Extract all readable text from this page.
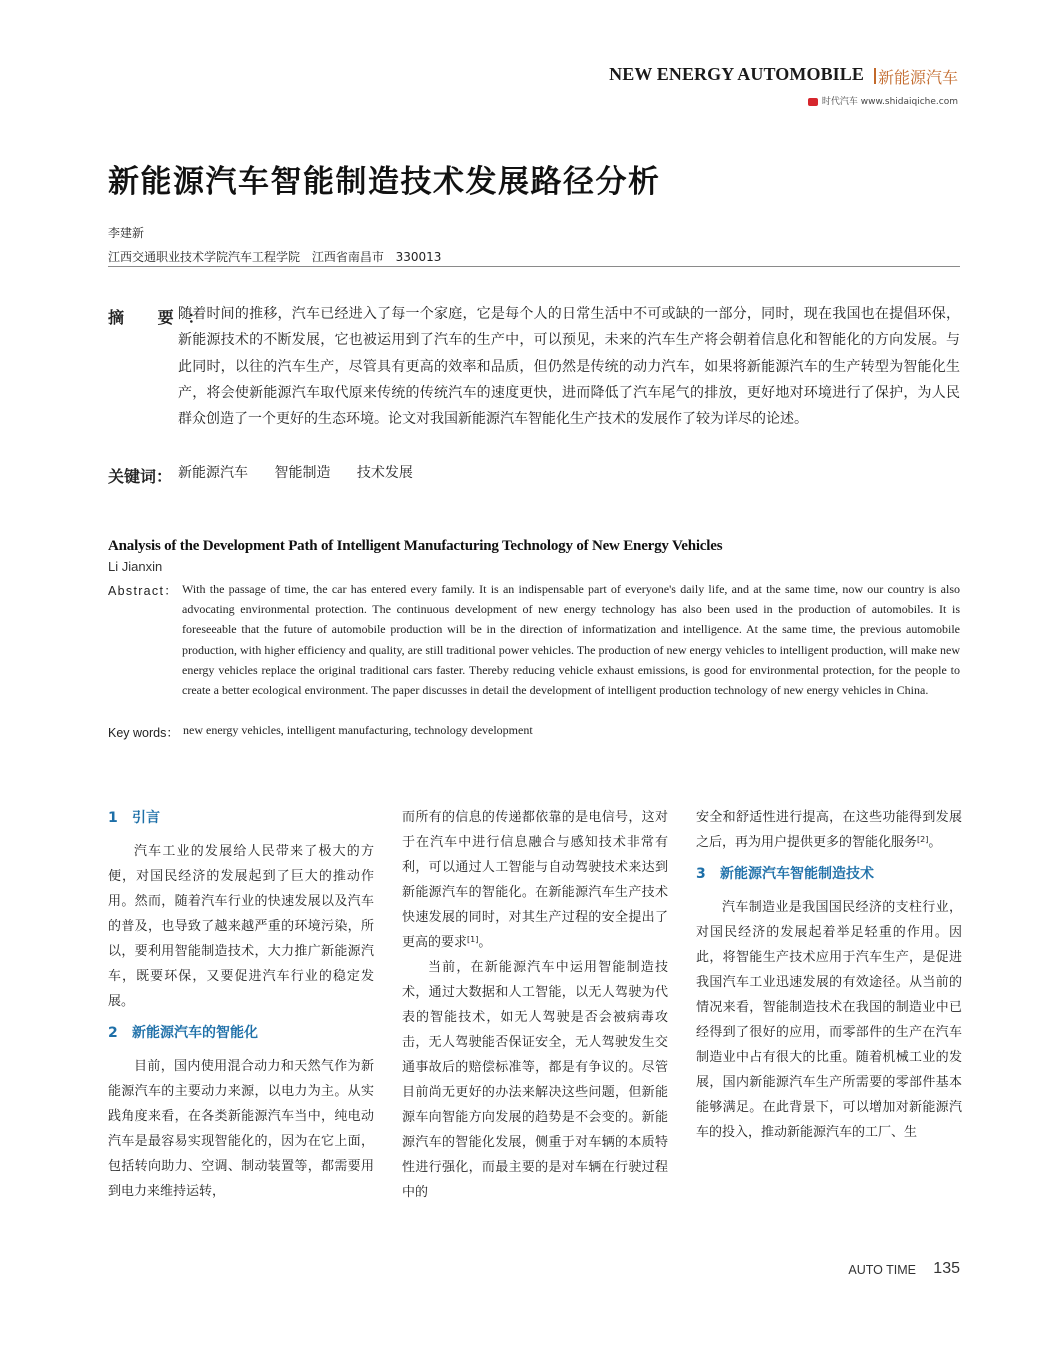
NEW ENERGY AUTOMOBILE 新能源汽车
时代汽车 www.shidaiqiche.com
新能源汽车智能制造技术发展路径分析
李建新
江西交通职业技术学院汽车工程学院 江西省南昌市 330013
摘 要：
随着时间的推移，汽车已经进入了每一个家庭，它是每个人的日常生活中不可或缺的一部分，同时，现在我国也在提倡环保，新能源技术的不断发展，它也被运用到了汽车的生产中，可以预见，未来的汽车生产将会朝着信息化和智能化的方向发展。与此同时，以往的汽车生产，尽管具有更高的效率和品质，但仍然是传统的动力汽车，如果将新能源汽车的生产转型为智能化生产，将会使新能源汽车取代原来传统的传统汽车的速度更快，进而降低了汽车尾气的排放，更好地对环境进行了保护，为人民群众创造了一个更好的生态环境。论文对我国新能源汽车智能化生产技术的发展作了较为详尽的论述。
关键词： 新能源汽车 智能制造 技术发展
Analysis of the Development Path of Intelligent Manufacturing Technology of New Energy Vehicles
Li Jianxin
Abstract： With the passage of time, the car has entered every family. It is an indispensable part of everyone's daily life, and at the same time, now our country is also advocating environmental protection. The continuous development of new energy technology has also been used in the production of automobiles. It is foreseeable that the future of automobile production will be in the direction of informatization and intelligence. At the same time, the previous automobile production, with higher efficiency and quality, are still traditional power vehicles. The production of new energy vehicles to intelligent production, will make new energy vehicles replace the original traditional cars faster. Thereby reducing vehicle exhaust emissions, is good for environmental protection, for the people to create a better ecological environment. The paper discusses in detail the development of intelligent production technology of new energy vehicles in China.
Key words： new energy vehicles, intelligent manufacturing, technology development
1 引言

汽车工业的发展给人民带来了极大的方便，对国民经济的发展起到了巨大的推动作用。然而，随着汽车行业的快速发展以及汽车的普及，也导致了越来越严重的环境污染，所以，要利用智能制造技术，大力推广新能源汽车，既要环保，又要促进汽车行业的稳定发展。

2 新能源汽车的智能化

目前，国内使用混合动力和天然气作为新能源汽车的主要动力来源，以电力为主。从实践角度来看，在各类新能源汽车当中，纯电动汽车是最容易实现智能化的，因为在它上面，包括转向助力、空调、制动装置等，都需要用到电力来维持运转，

而所有的信息的传递都依靠的是电信号，这对于在汽车中进行信息融合与感知技术非常有利，可以通过人工智能与自动驾驶技术来达到新能源汽车的智能化。在新能源汽车生产技术快速发展的同时，对其生产过程的安全提出了更高的要求[1]。

当前，在新能源汽车中运用智能制造技术，通过大数据和人工智能，以无人驾驶为代表的智能技术，如无人驾驶是否会被病毒攻击，无人驾驶能否保证安全，无人驾驶发生交通事故后的赔偿标准等，都是有争议的。尽管目前尚无更好的办法来解决这些问题，但新能源车向智能方向发展的趋势是不会变的。新能源汽车的智能化发展，侧重于对车辆的本质特性进行强化，而最主要的是对车辆在行驶过程中的

安全和舒适性进行提高，在这些功能得到发展之后，再为用户提供更多的智能化服务[2]。

3 新能源汽车智能制造技术

汽车制造业是我国国民经济的支柱行业，对国民经济的发展起着举足轻重的作用。因此，将智能生产技术应用于汽车生产，是促进我国汽车工业迅速发展的有效途径。从当前的情况来看，智能制造技术在我国的制造业中已经得到了很好的应用，而零部件的生产在汽车制造业中占有很大的比重。随着机械工业的发展，国内新能源汽车生产所需要的零部件基本能够满足。在此背景下，可以增加对新能源汽车的投入，推动新能源汽车的工厂、生

AUTO TIME 135
